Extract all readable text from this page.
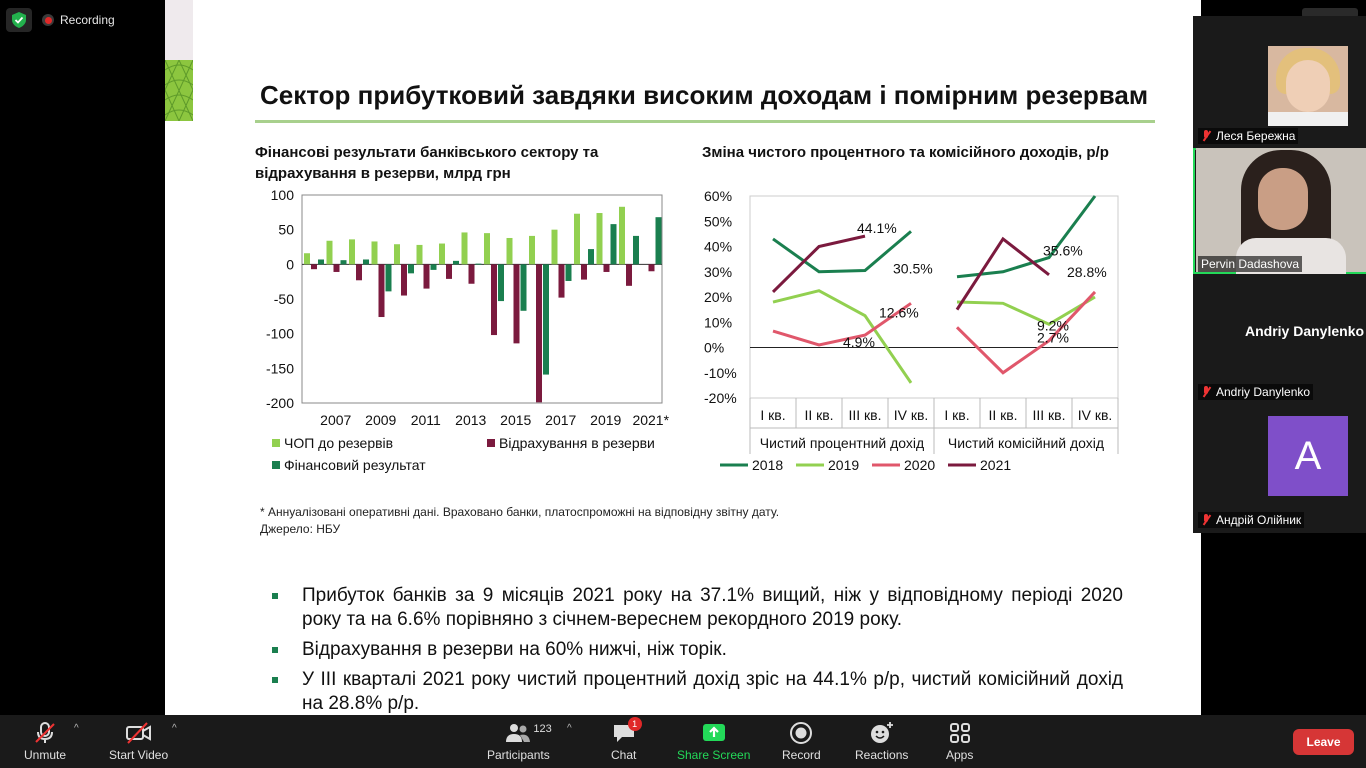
Recording
Сектор прибутковий завдяки високим доходам і помірним резервам
Фінансові результати банківського сектору та
відрахування в резерви, млрд грн
Зміна чистого процентного та комісійного доходів, р/р
100
50
0
-50
-100
-150
-200
2007 2009 2011 2013 2015 2017 2019 2021*
ЧОП до резервів	Відрахування в резерви
Фінансовий результат
60%
50%
40%
30%
20%
10%
0%
-10%
-20%
I кв. II кв. III кв. IV кв. I кв. II кв. III кв. IV кв.
Чистий процентний дохід Чистий комісійний дохід
44.1%
30.5%
12.6%
4.9%
35.6%
28.8%
9.2%
2.7%
2018	2019	2020	2021
* Аннуалізовані оперативні дані. Враховано банки, платоспроможні на відповідну звітну дату.
Джерело: НБУ
Прибуток банків за 9 місяців 2021 року на 37.1% вищий, ніж у відповідному періоді 2020 року та на 6.6% порівняно з січнем-вереснем рекордного 2019 року.
Відрахування в резерви на 60% нижчі, ніж торік.
У III кварталі 2021 року чистий процентний дохід зріс на 44.1% р/р, чистий комісійний дохід на 28.8% р/р.
Леся Бережна
Pervin Dadashova
Andriy Danylenko
Andriy Danylenko
A
Андрій Олійник
Unmute
^
Start Video
^	123
Participants
^	1
Chat	Share Screen	Record	Reactions	Apps
Leave
